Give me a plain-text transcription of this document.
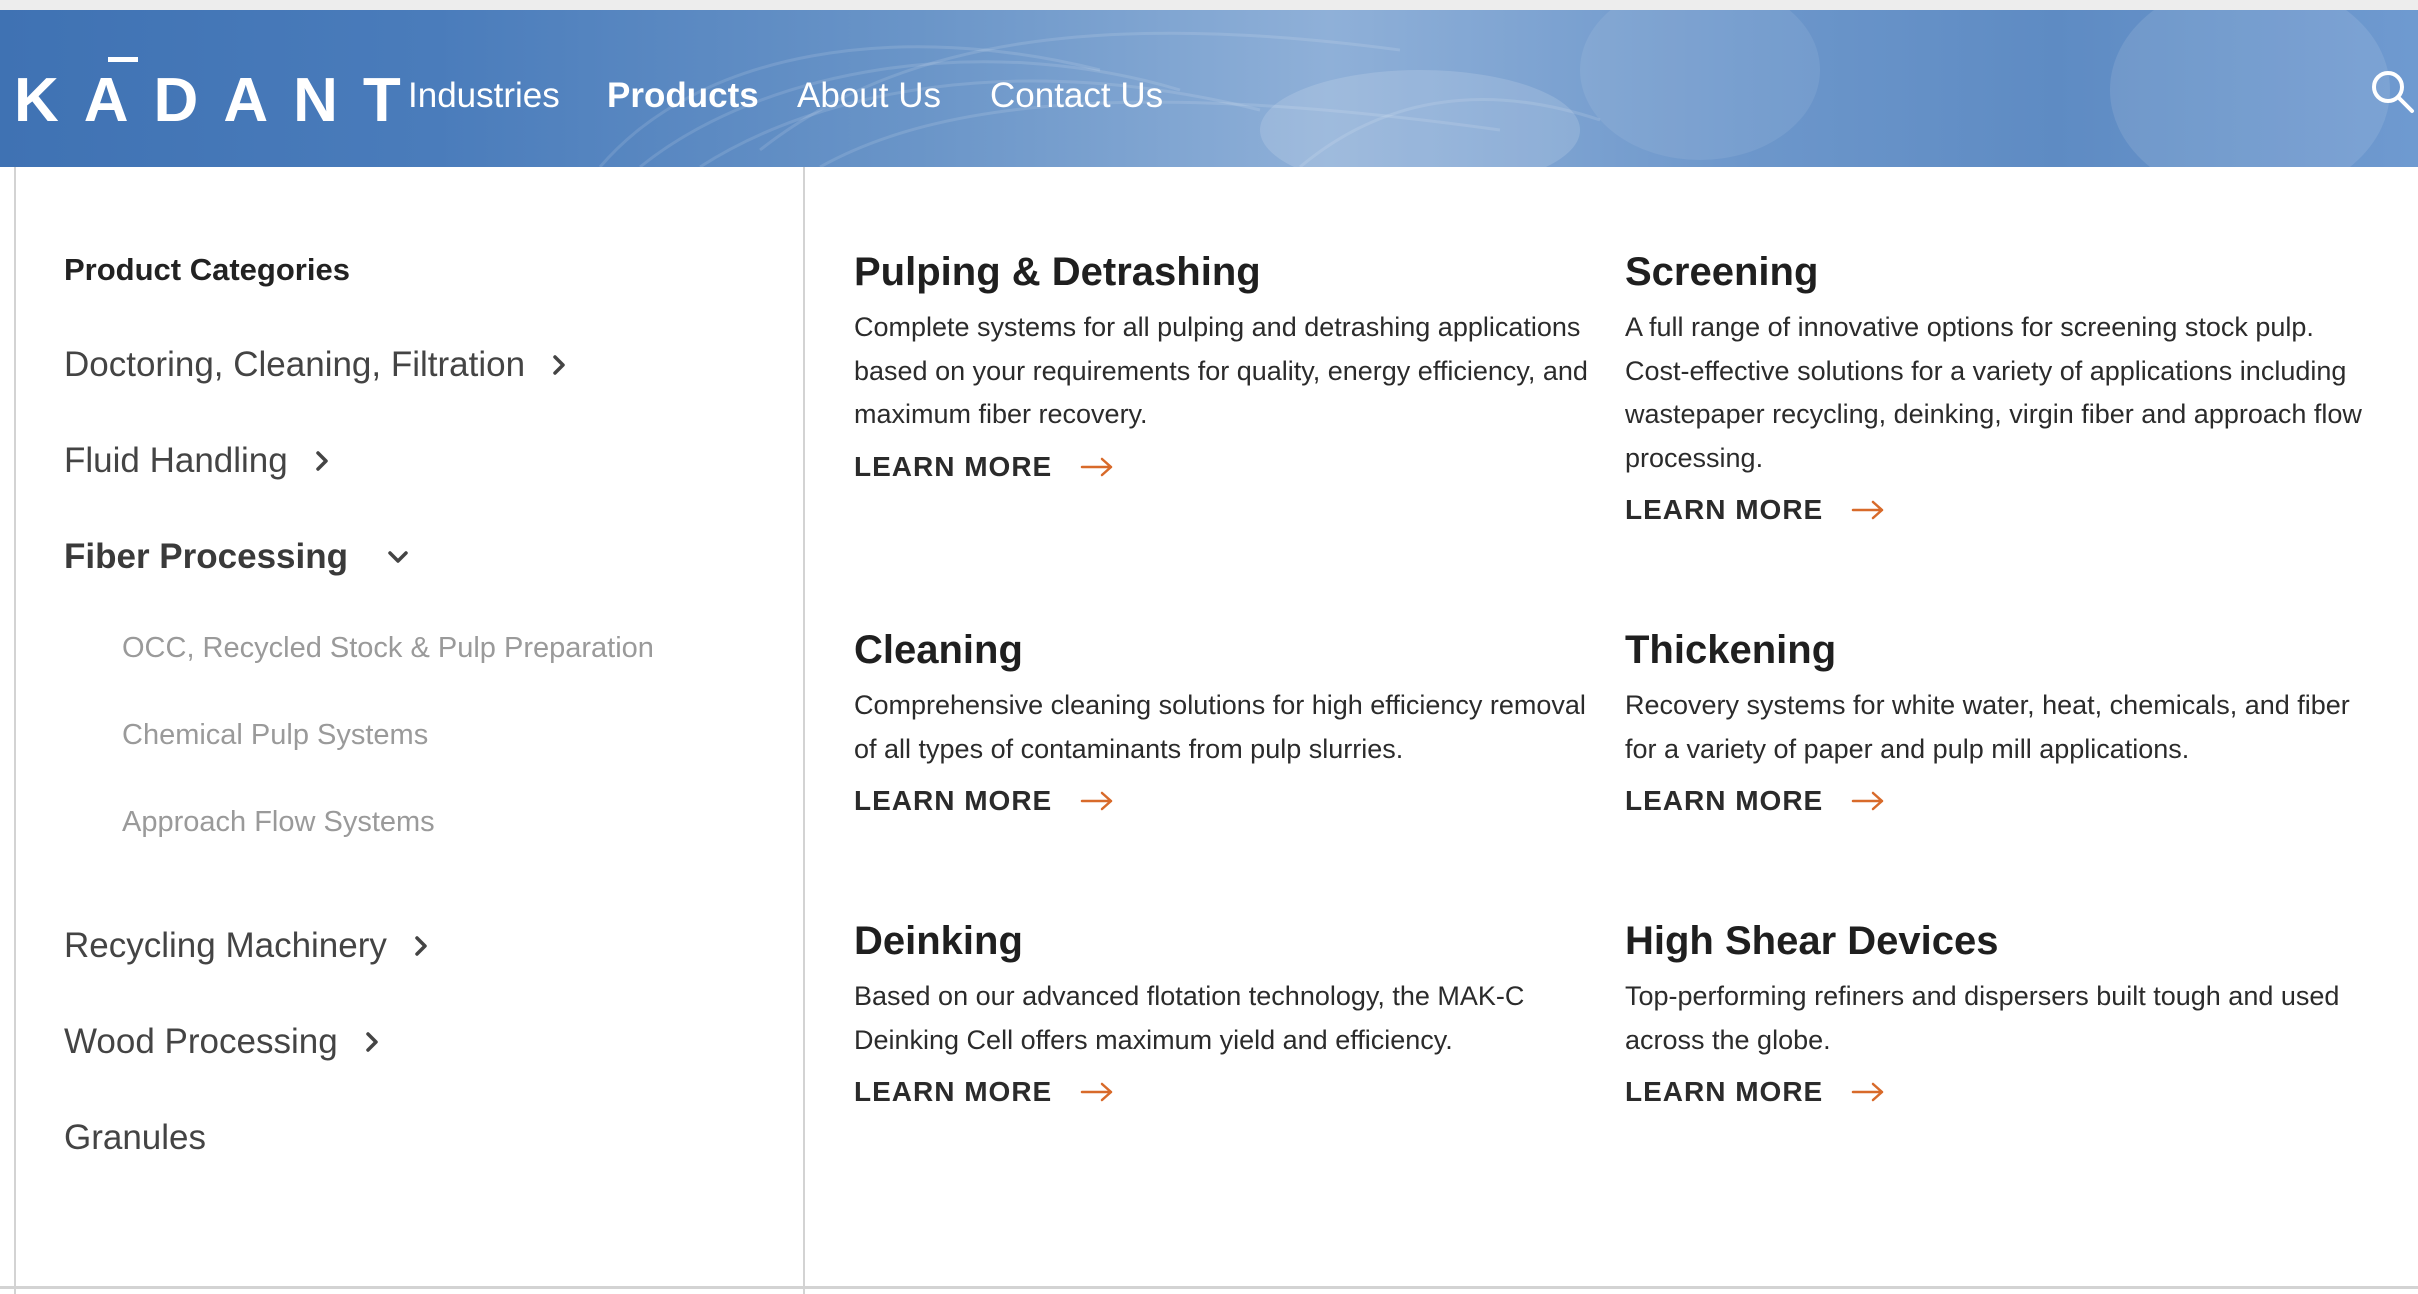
KADANT
Industries Products About Us Contact Us
Product Categories
Doctoring, Cleaning, Filtration
Fluid Handling
Fiber Processing
OCC, Recycled Stock & Pulp Preparation
Chemical Pulp Systems
Approach Flow Systems
Recycling Machinery
Wood Processing
Granules
Pulping & Detrashing
Complete systems for all pulping and detrashing applications based on your requirements for quality, energy efficiency, and maximum fiber recovery.
LEARN MORE
Screening
A full range of innovative options for screening stock pulp. Cost-effective solutions for a variety of applications including wastepaper recycling, deinking, virgin fiber and approach flow processing.
LEARN MORE
Cleaning
Comprehensive cleaning solutions for high efficiency removal of all types of contaminants from pulp slurries.
LEARN MORE
Thickening
Recovery systems for white water, heat, chemicals, and fiber for a variety of paper and pulp mill applications.
LEARN MORE
Deinking
Based on our advanced flotation technology, the MAK-C Deinking Cell offers maximum yield and efficiency.
LEARN MORE
High Shear Devices
Top-performing refiners and dispersers built tough and used across the globe.
LEARN MORE
